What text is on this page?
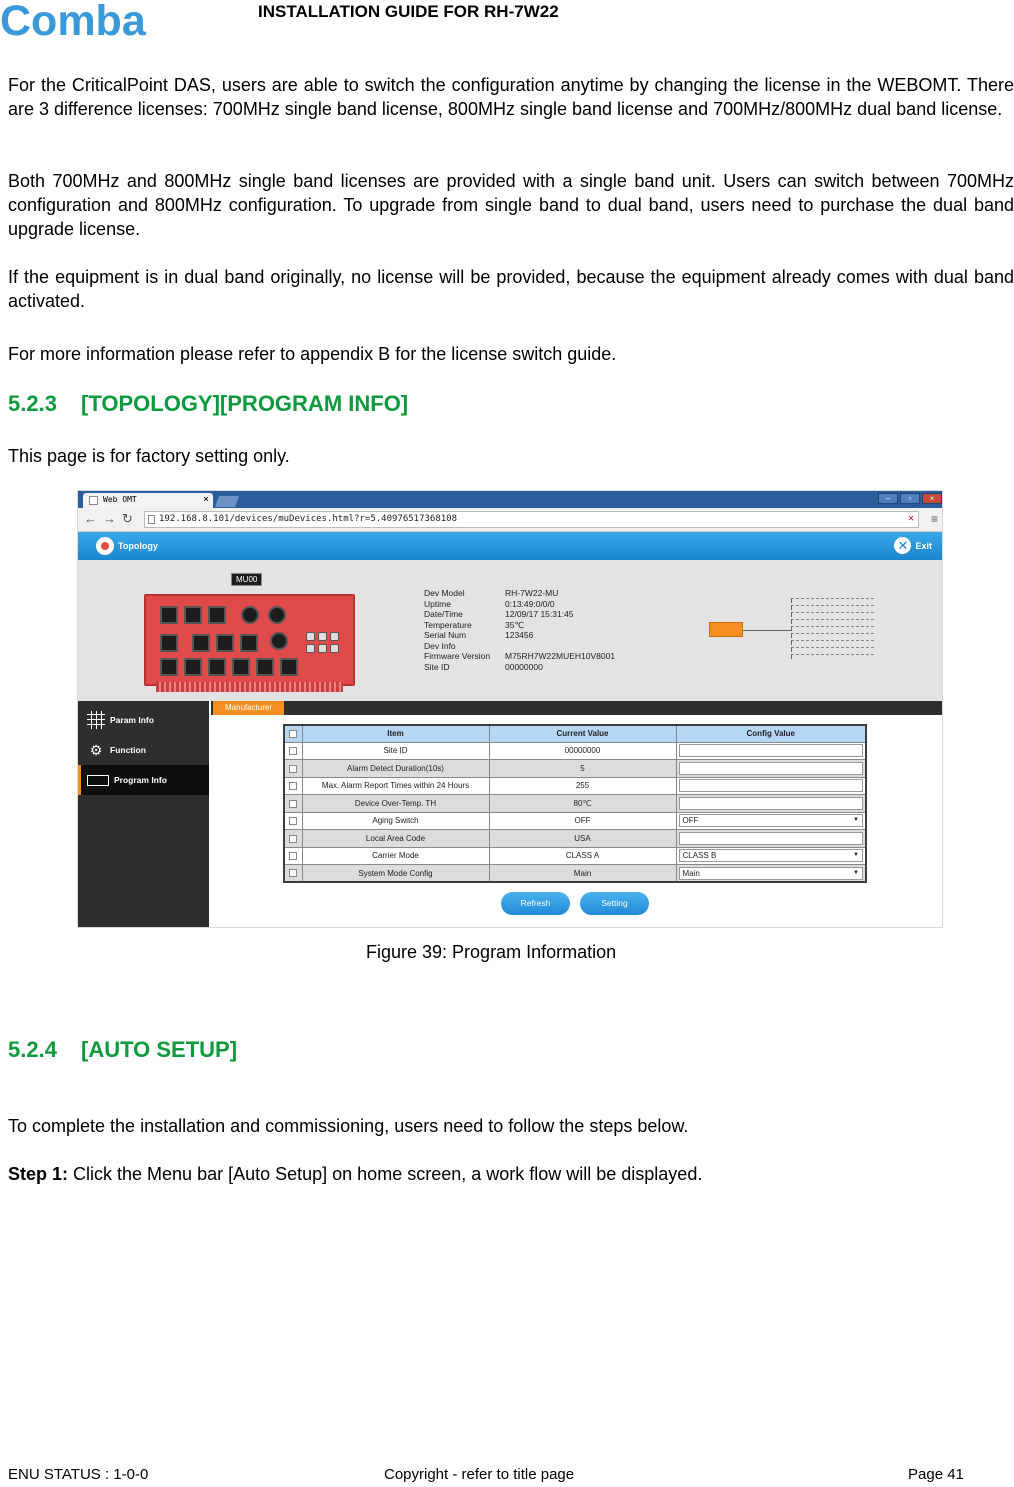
Comba	INSTALLATION GUIDE FOR RH-7W22

For the CriticalPoint DAS, users are able to switch the configuration anytime by changing the license in the WEBOMT. There are 3 difference licenses: 700MHz single band license, 800MHz single band license and 700MHz/800MHz dual band license.

Both 700MHz and 800MHz single band licenses are provided with a single band unit. Users can switch between 700MHz configuration and 800MHz configuration. To upgrade from single band to dual band, users need to purchase the dual band upgrade license.

If the equipment is in dual band originally, no license will be provided, because the equipment already comes with dual band activated.

For more information please refer to appendix B for the license switch guide.

5.2.3 [TOPOLOGY][PROGRAM INFO]

This page is for factory setting only.

Web OMT	×	–	▫	×
← → ↻	192.168.8.101/devices/muDevices.html?r=5.40976517368108	✕ ≡
Topology	✕ Exit
MU00
Dev Model	RH-7W22-MU
Uptime	0:13:49:0/0/0
Date/Time	12/09/17 15:31:45
Temperature	35℃
Serial Num	123456
Dev Info
Firmware Version	M75RH7W22MUEH10V8001
Site ID	00000000
Param Info
⚙ Function
Program Info
Manufacturer
	Item	Current Value	Config Value
	Site ID	00000000	

	Alarm Detect Duration(10s)	5	

	Max. Alarm Report Times within 24 Hours	255	

	Device Over-Temp. TH	80℃	

	Aging Switch	OFF	OFF ▼

	Local Area Code	USA	

	Carrier Mode	CLASS A	CLASS B ▼

	System Mode Config	Main	Main ▼
Refresh	Setting
Figure 39: Program Information
5.2.4 [AUTO SETUP]

To complete the installation and commissioning, users need to follow the steps below.

Step 1: Click the Menu bar [Auto Setup] on home screen, a work flow will be displayed.

ENU STATUS : 1-0-0	Copyright - refer to title page	Page 41
